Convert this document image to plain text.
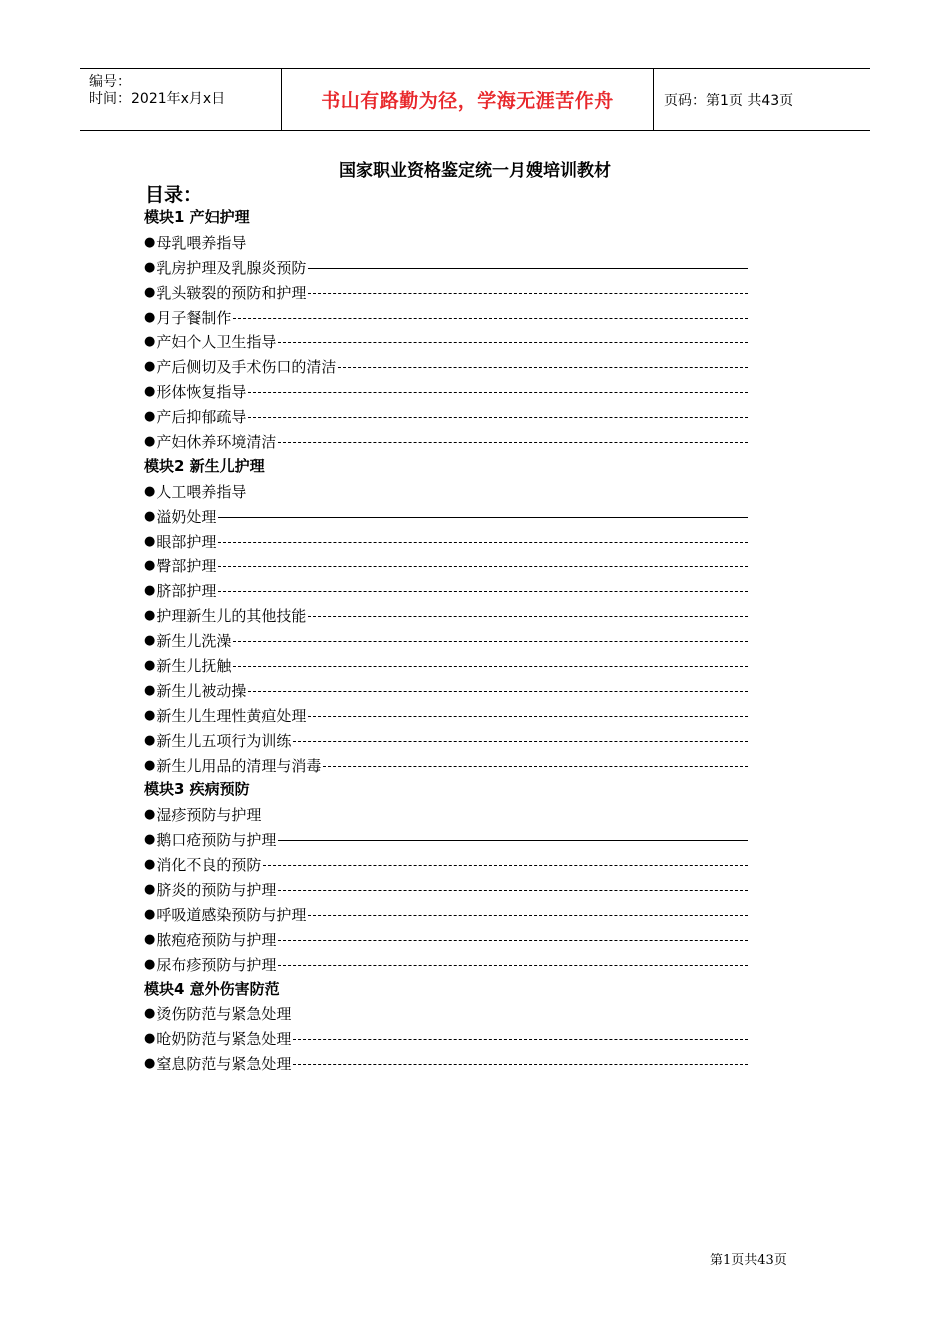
编号：
时间：2021年x月x日	书山有路勤为径，学海无涯苦作舟	页码：第1页 共43页
国家职业资格鉴定统一月嫂培训教材
目录：
模块1 产妇护理
● 母乳喂养指导
● 乳房护理及乳腺炎预防
● 乳头皲裂的预防和护理
● 月子餐制作
● 产妇个人卫生指导
● 产后侧切及手术伤口的清洁
● 形体恢复指导
● 产后抑郁疏导
● 产妇休养环境清洁
模块2 新生儿护理
● 人工喂养指导
● 溢奶处理
● 眼部护理
● 臀部护理
● 脐部护理
● 护理新生儿的其他技能
● 新生儿洗澡
● 新生儿抚触
● 新生儿被动操
● 新生儿生理性黄疸处理
● 新生儿五项行为训练
● 新生儿用品的清理与消毒
模块3 疾病预防
● 湿疹预防与护理
● 鹅口疮预防与护理
● 消化不良的预防
● 脐炎的预防与护理
● 呼吸道感染预防与护理
● 脓疱疮预防与护理
● 尿布疹预防与护理
模块4 意外伤害防范
● 烫伤防范与紧急处理
● 呛奶防范与紧急处理
● 窒息防范与紧急处理
第1页共43页
